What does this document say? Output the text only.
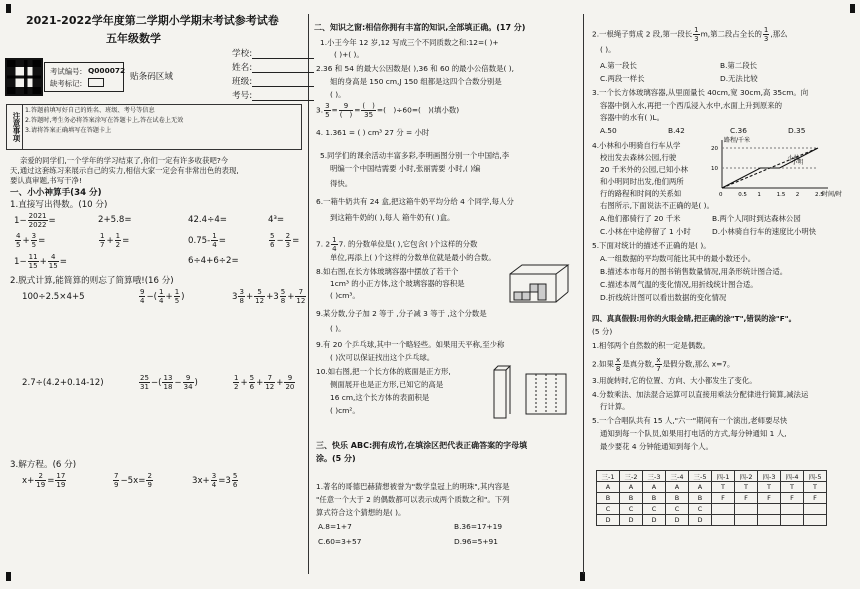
2021-2022学年度第二学期小学期末考试参考试卷
五年级数学
考试编号: Q000072
缺考标记:
贴条码区域
学校:
姓名:
班级:
考号:
注意事项
1.答题前填写好自己的姓名、班级、考号等信息
2.答题时,考生务必将答案涂写在答题卡上,答在试卷上无效
3.请将答案正确填写在答题卡上
亲爱的同学们,一个学年的学习结束了,你们一定有许多收获吧?今
天,通过这套练习来展示自己的实力,相信大家一定会有非常出色的表现,
要认真审题,书写干净!
一、小小神算手(34 分)
1.直接写出得数。(10 分)
$1- \frac{2021}{2022}$ =	2+5.8=	42.4÷4=	4³=
$\frac{4}{5} + \frac{3}{5}$ =	$\frac{1}{7} + \frac{1}{2}$ =	$0.75- \frac{1}{4}$ =	$\frac{5}{6} - \frac{2}{3}$ =
$1- \frac{11}{15} + \frac{4}{15}$ =	6÷4+6÷2=
2.脱式计算,能简算的则忘了简算哦!(16 分)
100÷2.5×4+5	$\frac{9}{4}$ −( $\frac{1}{4} + \frac{1}{5}$ )	$3 \frac{3}{8} + \frac{5}{12} +3 \frac{5}{8} + \frac{7}{12}$
2.7÷(4.2+0.14-12)	$\frac{25}{31}$ −( $\frac{13}{18} - \frac{9}{34}$ )	$\frac{1}{2} + \frac{5}{6} + \frac{7}{12} + \frac{9}{20}$
3.解方程。(6 分)
$x+ \frac{2}{19} = \frac{17}{19}$	$\frac{7}{9} -5x= \frac{2}{9}$	$3x+ \frac{3}{4} =3 \frac{5}{6}$
二、知识之窗:相信你拥有丰富的知识,全部填正确。(17 分)
1.小王今年 12 岁,12 写成三个不同质数之和:12=( )+
( )+( )。
2.36 和 54 的最大公因数是( ),36 和 60 的最小公倍数是( ),
姐的身高是 150 cm,J 150 组都是这四个合数分别是
( )。
3. $\frac{3}{5} = 9$
(　)
= (　)
35
=(　)÷60=(　)(填小数)
4. 1.361 = ( ) cm³ 27 分 = 小时
5.同学们的课余活动丰富多彩,李明画图分别一个中国结,李
明编一个中国结需要 小时,张丽需要 小时,( )编
得快。
6.一箱牛奶共有 24 盒,把这箱牛奶平均分给 4 个同学,每人分
到这箱牛奶的( ),每人 箱牛奶有( )盒。
7. $2 \frac{1}{4} 7$. 的分数单位是( ),它包含( )个这样的分数
单位,再添上( )个这样的分数单位就是最小的合数。
8.如右图,在长方体玻璃容器中摆放了若干个
1cm³ 的小正方体,这个玻璃容器的容积是
( )cm³。
9.某分数,分子加 2 等于 ,分子减 3 等于 ,这个分数是
( )。
9.有 20 个乒乓球,其中一个略轻些。如果用天平称,至少称
( )次可以保证找出这个乒乓球。
10.如右图,把一个长方体的底面是正方形,
侧面展开也是正方形,已知它的高是
16 cm,这个长方体的表面积是
( )cm²。
三、快乐 ABC:拥有成竹,在填涂区把代表正确答案的字母填
涂。(5 分)
1.著名的哥德巴赫猜想被誉为"数学皇冠上的明珠",其内容是
"任意一个大于 2 的偶数都可以表示成两个质数之和"。下列
算式符合这个猜想的是( )。
A.8=1+7	B.36=17+19
C.60=3+57	D.96=5+91
2.一根绳子剪成 2 段,第一段长 $\frac{1}{3} m$,第二段占全长的 $\frac{1}{3}$ ,那么
( )。
A.第一段长	B.第二段长
C.两段一样长	D.无法比较
3.一个长方体玻璃容器,从里面量长 40cm,宽 30cm,高 35cm。向
容器中倒入水,再把一个西瓜浸入水中,水面上升到原来的
容器中的水有( )L。
A.50	B.42	C.36	D.35
4.小林和小明骑自行车从学
校出发去森林公园,行驶
20 千米外的公园,已知小林
和小明同时出发,他们两所
行的路程和时间的关系如
右图所示,下面说法不正确的是( )。
路程/千米
时间/时
0	0.5 1	1.5 2	2.5
10
20
小林
小明
A.他们都骑行了 20 千米	B.两个人同时到达森林公园
C.小林在中途停留了 1 小时	D.小林骑自行车的速度比小明快
5.下面对统计的描述不正确的是( )。
A.一组数据的平均数可能比其中的最小数还小。
B.描述本市每月的图书销售数量情况,用条形统计图合适。
C.描述本周气温的变化情况,用折线统计图合适。
D.折线统计图可以看出数据的变化情况
四、真真假假:用你的火眼金睛,把正确的涂"T",错误的涂"F"。
(5 分)
1.相邻两个自然数的积一定是偶数。
2.如果 $\frac{x}{8}$ 是真分数, $\frac{x}{7}$ 是假分数,那么 x=7。
3.用旋转时,它的位置、方向、大小都发生了变化。
4.分数乘法、加法混合运算可以直接用乘法分配律进行简算,减法运
行计算。
5.一个合唱队共有 15 人,"六一"期间有一个演出,老师要尽快
通知到每一个队员,如果用打电话的方式,每分钟通知 1 人,
最少要花 4 分钟能通知到每个人。
三-1	三-2	三-3	三-4	三-5	四-1	四-2	四-3	四-4	四-5
A	A	A	A	A	T	T	T	T	T
B	B	B	B	B	F	F	F	F	F
C	C	C	C	C					
D	D	D	D	D					
